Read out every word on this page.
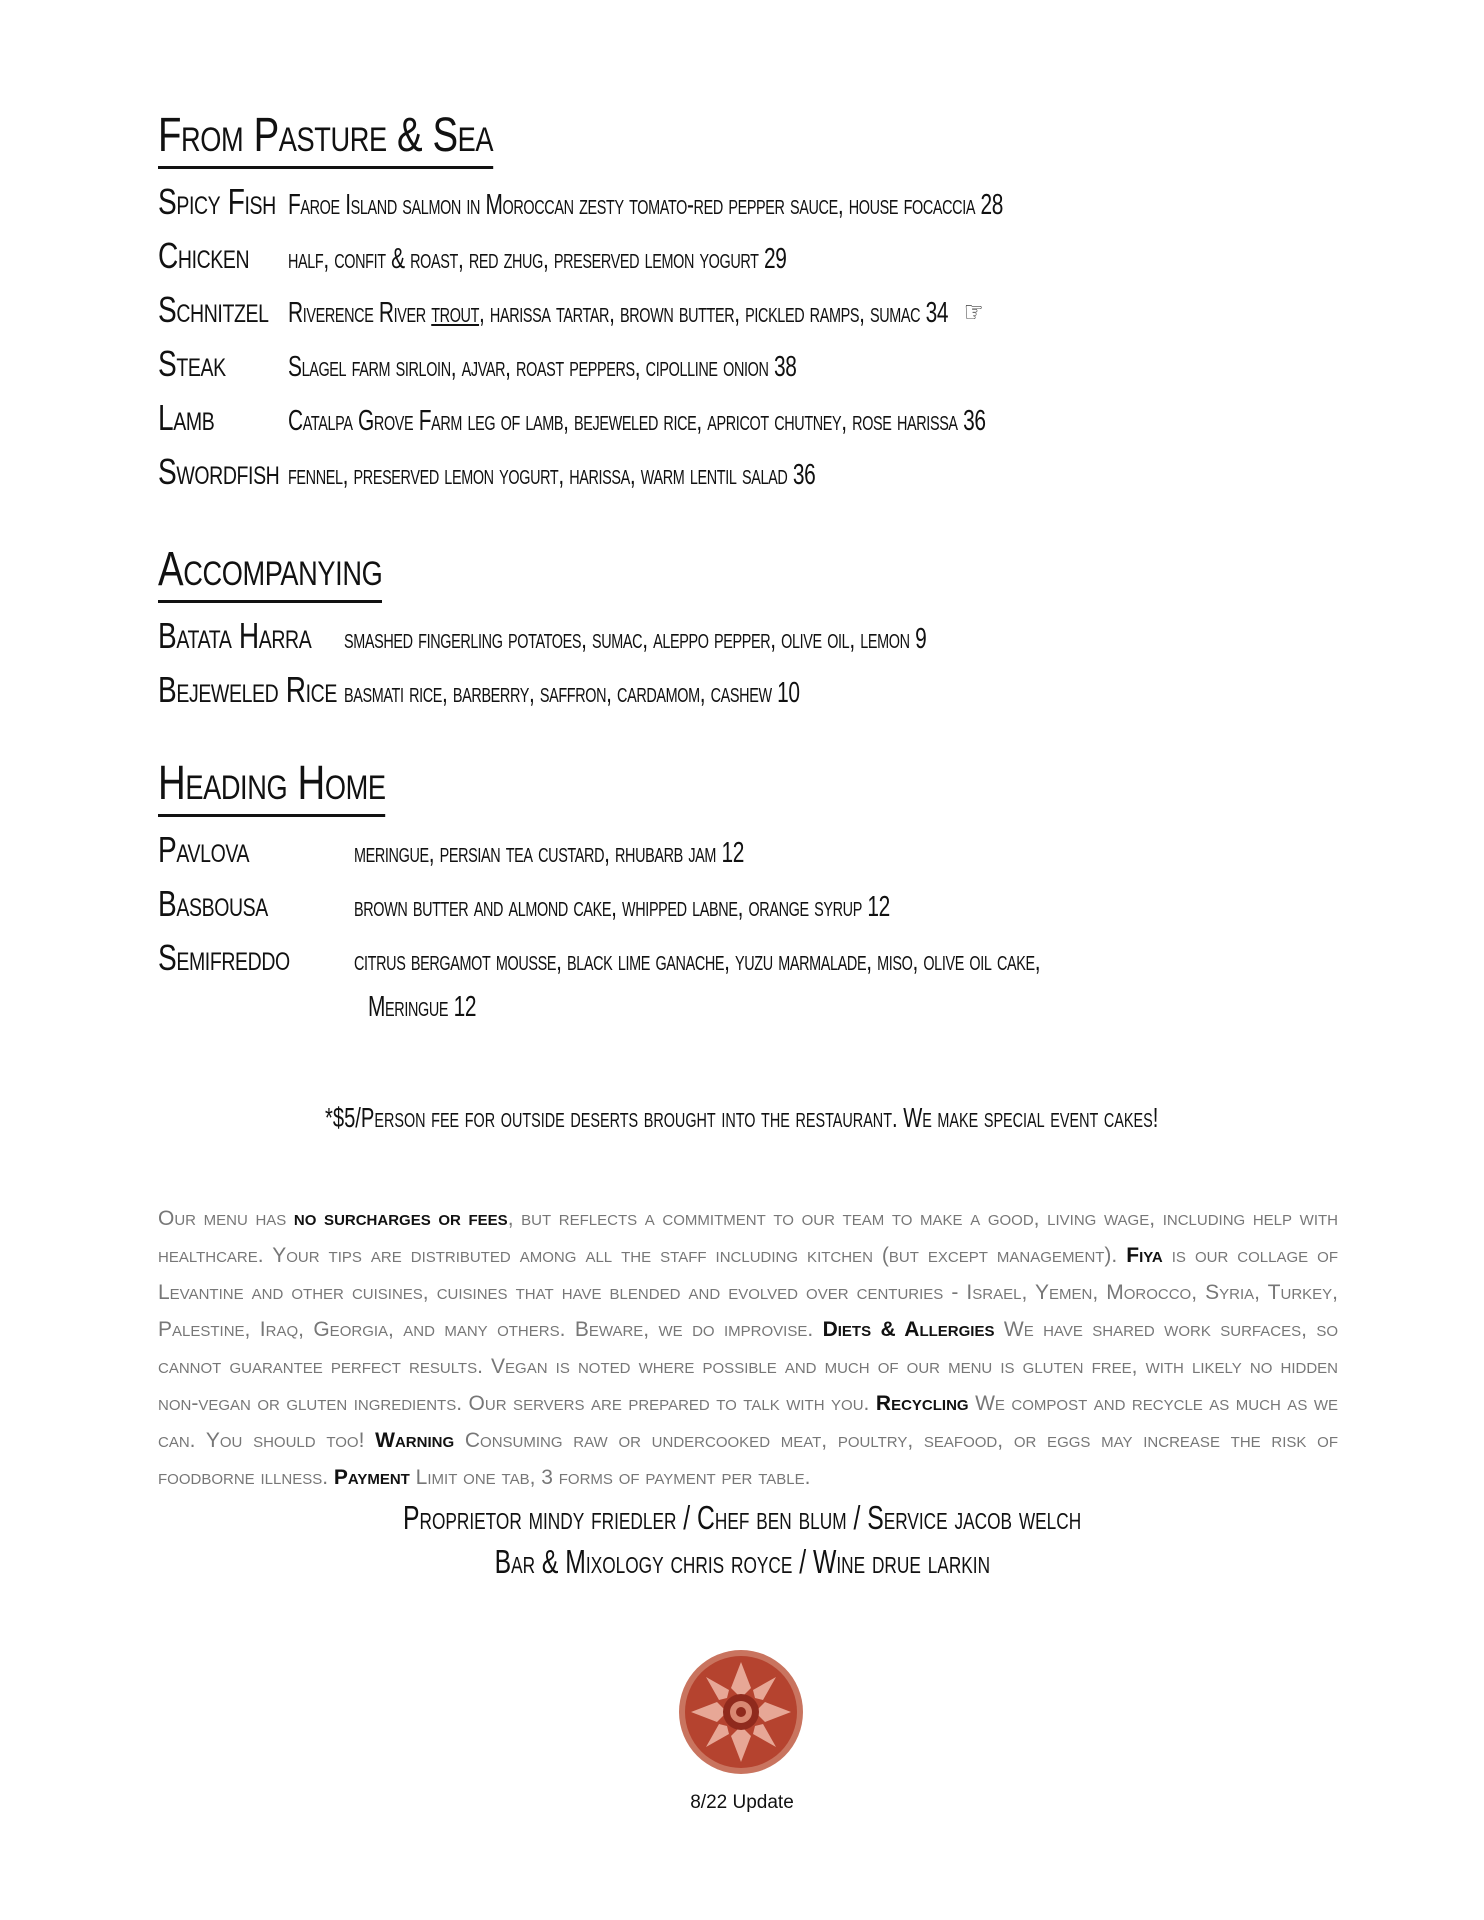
From Pasture & Sea
Spicy Fish Faroe Island salmon in Moroccan zesty tomato-red pepper sauce, house focaccia 28
Chicken	half, confit & roast, red zhug, preserved lemon yogurt 29
Schnitzel Riverence River trout, harissa tartar, brown butter, pickled ramps, sumac 34 ☞
Steak	Slagel farm sirloin, ajvar, roast peppers, cipolline onion 38
Lamb	Catalpa Grove Farm leg of lamb, bejeweled rice, apricot chutney, rose harissa 36
Swordfish fennel, preserved lemon yogurt, harissa, warm lentil salad 36
Accompanying
Batata Harra smashed fingerling potatoes, sumac, aleppo pepper, olive oil, lemon 9
Bejeweled Rice basmati rice, barberry, saffron, cardamom, cashew 10
Heading Home
Pavlova	meringue, persian tea custard, rhubarb jam 12
Basbousa	brown butter and almond cake, whipped labne, orange syrup 12
Semifreddo	citrus bergamot mousse, black lime ganache, yuzu marmalade, miso, olive oil cake,
Meringue 12
*$5/Person fee for outside deserts brought into the restaurant. We make special event cakes!
Our menu has no surcharges or fees, but reflects a commitment to our team to make a good, living wage, including help with healthcare. Your tips are distributed among all the staff including kitchen (but except management). Fiya is our collage of Levantine and other cuisines, cuisines that have blended and evolved over centuries - Israel, Yemen, Morocco, Syria, Turkey, Palestine, Iraq, Georgia, and many others. Beware, we do improvise. Diets & Allergies We have shared work surfaces, so cannot guarantee perfect results. Vegan is noted where possible and much of our menu is gluten free, with likely no hidden non-vegan or gluten ingredients. Our servers are prepared to talk with you. Recycling We compost and recycle as much as we can. You should too! Warning Consuming raw or undercooked meat, poultry, seafood, or eggs may increase the risk of foodborne illness. Payment Limit one tab, 3 forms of payment per table.
Proprietor mindy friedler / Chef ben blum / Service jacob welch
Bar & Mixology chris royce / Wine drue larkin
8/22 Update
